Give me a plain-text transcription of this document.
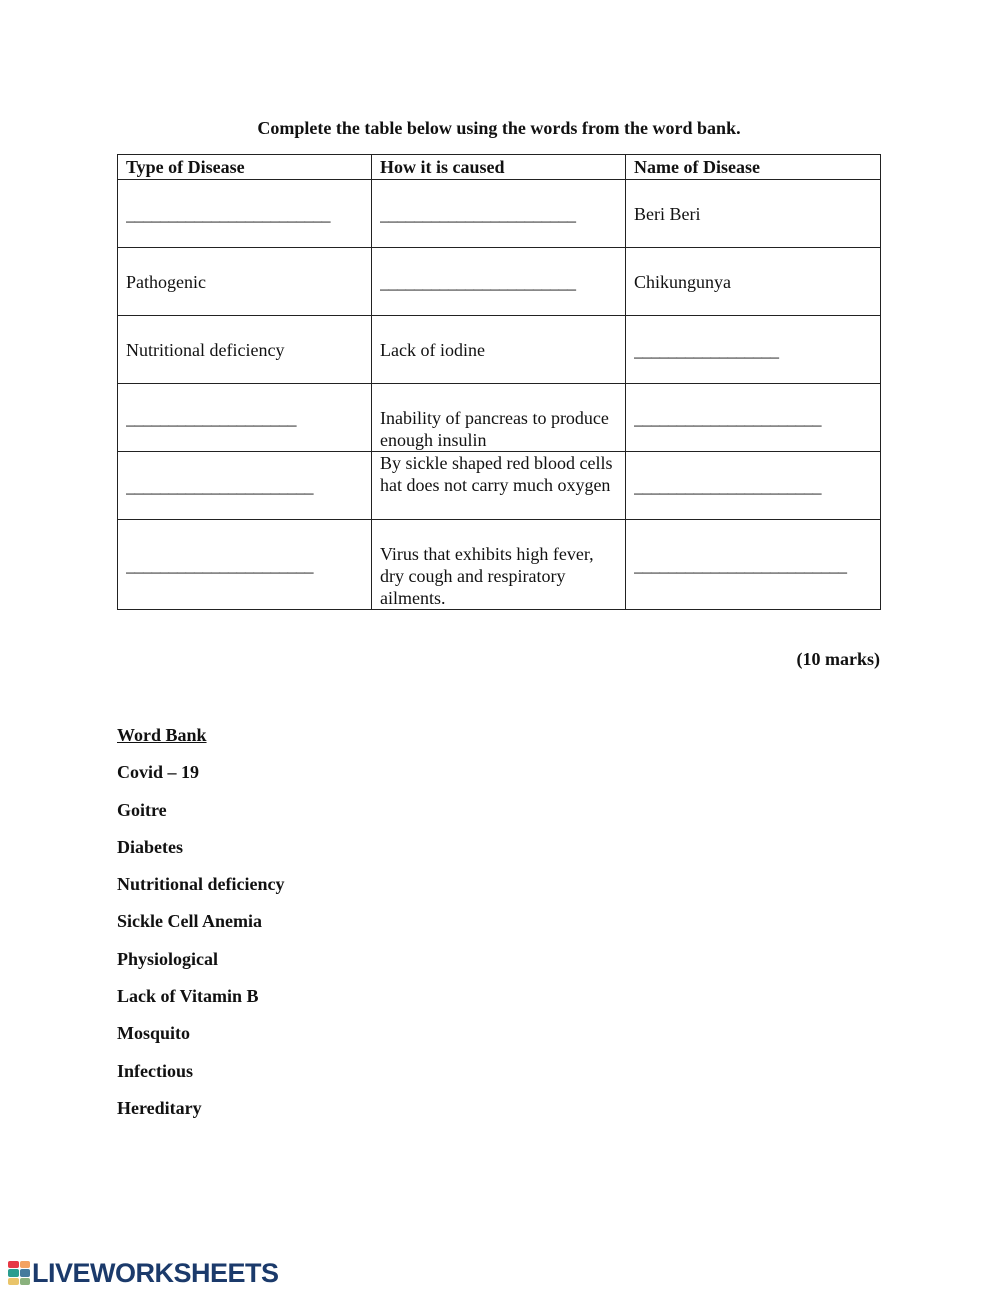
Complete the table below using the words from the word bank.
Type of Disease	How it is caused	Name of Disease

________________________	_______________________	Beri Beri
Pathogenic	_______________________	Chikungunya
Nutritional deficiency	Lack of iodine	_________________

____________________	Inability of pancreas to produce enough insulin	______________________

______________________	By sickle shaped red blood cells hat does not carry much oxygen	______________________

______________________	Virus that exhibits high fever, dry cough and respiratory ailments.	_________________________
(10 marks)
Word Bank
Covid – 19
Goitre
Diabetes
Nutritional deficiency
Sickle Cell Anemia
Physiological
Lack of Vitamin B
Mosquito
Infectious
Hereditary
LIVEWORKSHEETS
